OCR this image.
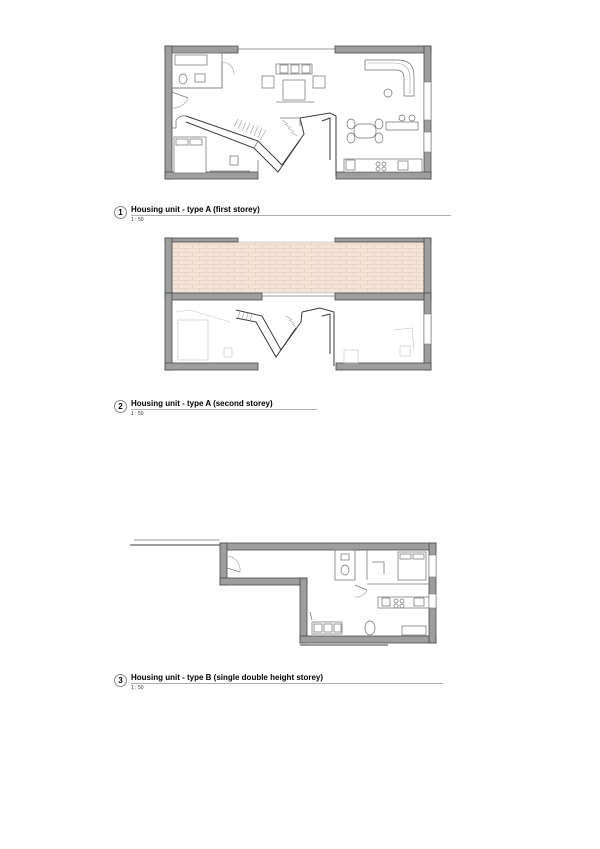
1	Housing unit - type A (first storey)
1 : 50
2	Housing unit - type A (second storey)
1 : 50
3	Housing unit - type B (single double height storey)
1 : 50
